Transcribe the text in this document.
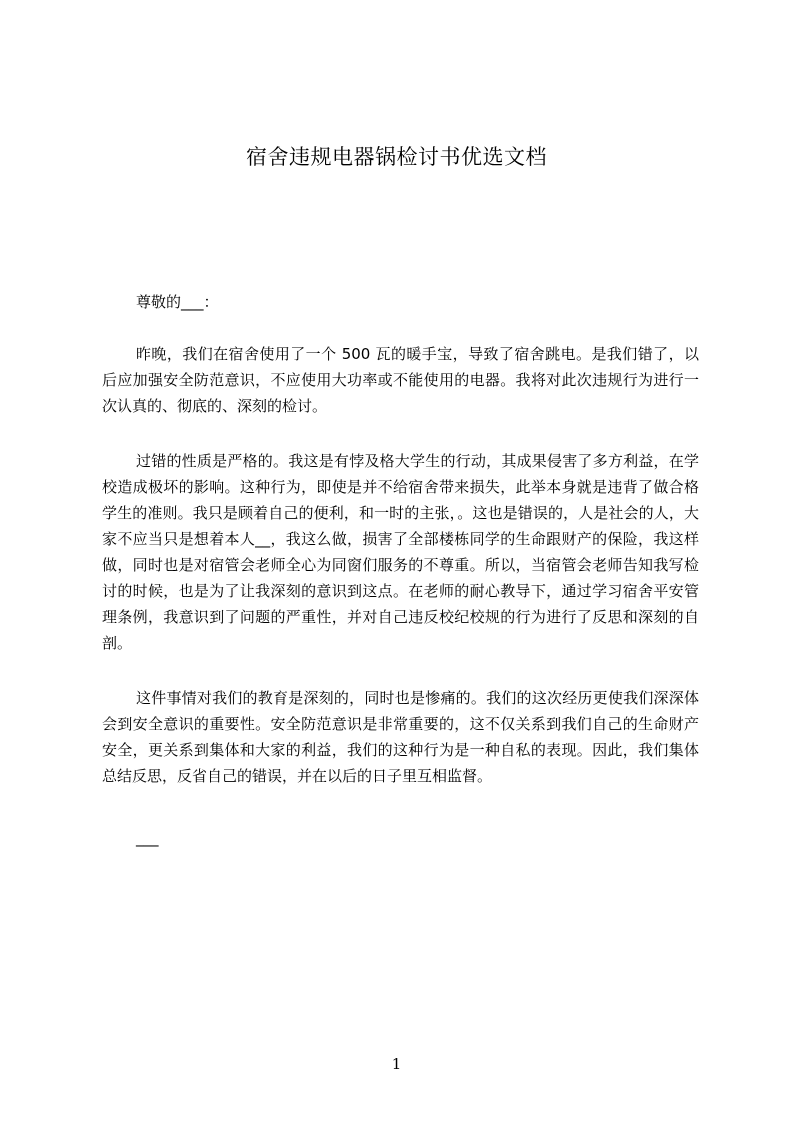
宿舍违规电器锅检讨书优选文档

尊敬的___：

昨晚，我们在宿舍使用了一个 500 瓦的暖手宝，导致了宿舍跳电。是我们错了，以后应加强安全防范意识，不应使用大功率或不能使用的电器。我将对此次违规行为进行一次认真的、彻底的、深刻的检讨。

过错的性质是严格的。我这是有悖及格大学生的行动，其成果侵害了多方利益，在学校造成极坏的影响。这种行为，即使是并不给宿舍带来损失，此举本身就是违背了做合格学生的准则。我只是顾着自己的便利，和一时的主张，。这也是错误的，人是社会的人，大家不应当只是想着本人__，我这么做，损害了全部楼栋同学的生命跟财产的保险，我这样做，同时也是对宿管会老师全心为同窗们服务的不尊重。所以，当宿管会老师告知我写检讨的时候，也是为了让我深刻的意识到这点。在老师的耐心教导下，通过学习宿舍平安管理条例，我意识到了问题的严重性，并对自己违反校纪校规的行为进行了反思和深刻的自剖。

这件事情对我们的教育是深刻的，同时也是惨痛的。我们的这次经历更使我们深深体会到安全意识的重要性。安全防范意识是非常重要的，这不仅关系到我们自己的生命财产安全，更关系到集体和大家的利益，我们的这种行为是一种自私的表现。因此，我们集体总结反思，反省自己的错误，并在以后的日子里互相监督。

___

1
